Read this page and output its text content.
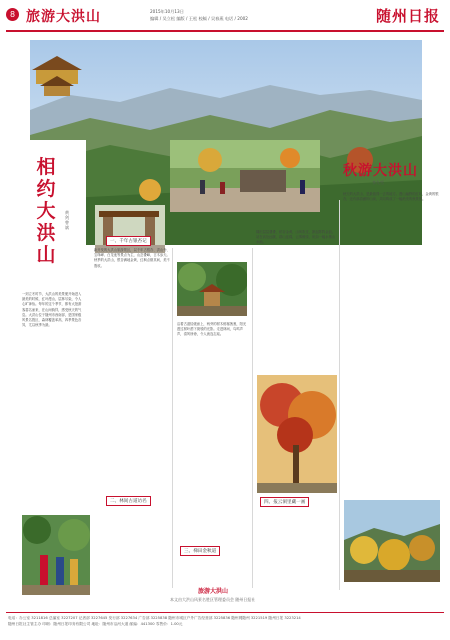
8 旅游大洪山	2015年10月13日
编辑 / 吴立松 编版 / 王松 校稿 / 吴春燕 电话 / 2002	随州日报
相
约
大
洪
山
黄剑 曾斌
一到立冬时节，大洪山的美景便开始进入最美的时候，红叶漫山，层林尽染，令人心旷神怡。每年的这个季节，都有大批游客慕名而来，在山间徜徉，感受秋天的气息。大洪山位于随州市西南部，是国家级风景名胜区，森林覆盖率高，四季景色各异，尤以秋季为最。
秋游大洪山
李九雪
一、千年古银杏记
新开发的大洪山旅游景区，以千年古银杏、洪山寺、宝珠峰、白龙池等景点为主，山峦叠嶂，古木参天。秋季的大洪山，银杏满地金黄，红枫点缀其间，美不胜收。
沿着古道拾级而上，两旁的树木郁郁葱葱，阳光透过树叶洒下斑驳的光影。走进林间，鸟鸣声声，清风徐徐，令人流连忘返。
梯田层层叠叠，稻谷金黄，山风吹过，掀起阵阵金浪。站在高处远眺，群山连绵，云雾缭绕，宛如一幅水墨山水画。
秋天的大洪山，是最值得一去的地方。漫山遍野的红叶，金黄的银杏，还有那清澈的山泉，共同构成了一幅绝美的秋景图。
二、林间古道访名
三、梯田金秋道
四、报云洞里藏一画
旅游大洪山
本文由大洪山风景名胜区管理委员会 随州日报社
电话：办公室 3211816 总编室 3227207 记者部 3227645 发行部 3227634 广告部 3225838 随州市城区户外广告经营部 3225836 随州网随州 3221519 随州日报 3223214
随州日报社主管主办 印刷：随州日报印务有限公司 地址：随州市沿河大道 邮编：441300 零售价：1.00元
